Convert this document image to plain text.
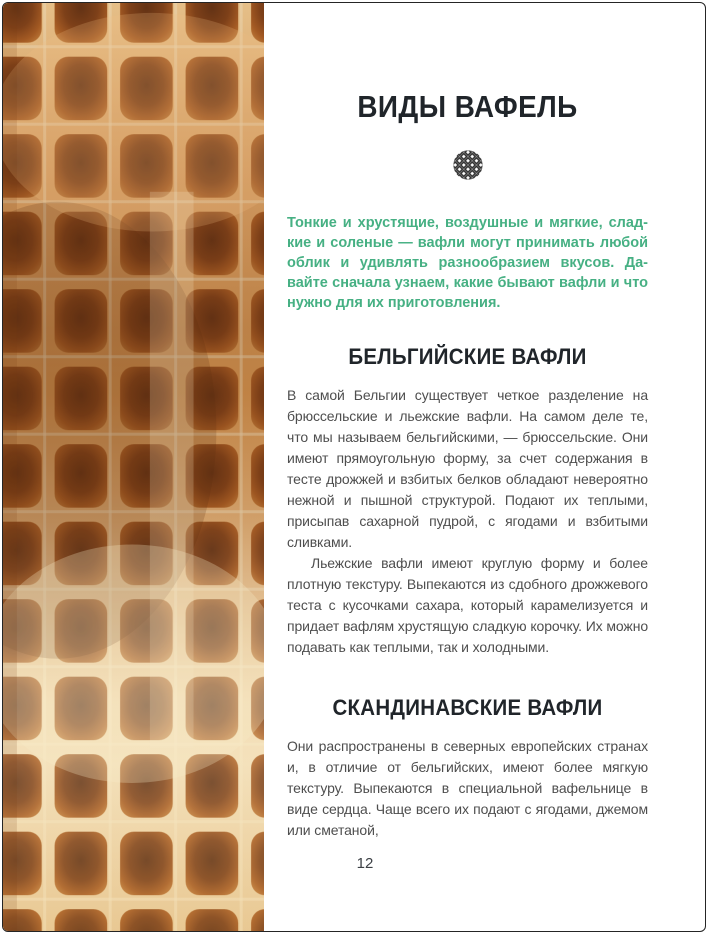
ВИДЫ ВАФЕЛЬ

Тонкие и хрустящие, воздушные и мягкие, сладкие и соленые — вафли могут принимать любой облик и удивлять разнообразием вкусов. Давайте сначала узнаем, какие бывают вафли и что нужно для их приготовления.

БЕЛЬГИЙСКИЕ ВАФЛИ

В самой Бельгии существует четкое разделение на брюссельские и льежские вафли. На самом деле те, что мы называем бельгийскими, — брюссельские. Они имеют прямоугольную форму, за счет содержания в тесте дрожжей и взбитых белков обладают невероятно нежной и пышной структурой. Подают их теплыми, присыпав сахарной пудрой, с ягодами и взбитыми сливками.

Льежские вафли имеют круглую форму и более плотную текстуру. Выпекаются из сдобного дрожжевого теста с кусочками сахара, который карамелизуется и придает вафлям хрустящую сладкую корочку. Их можно подавать как теплыми, так и холодными.

СКАНДИНАВСКИЕ ВАФЛИ

Они распространены в северных европейских странах и, в отличие от бельгийских, имеют более мягкую текстуру. Выпекаются в специальной вафельнице в виде сердца. Чаще всего их подают с ягодами, джемом или сметаной,

12
